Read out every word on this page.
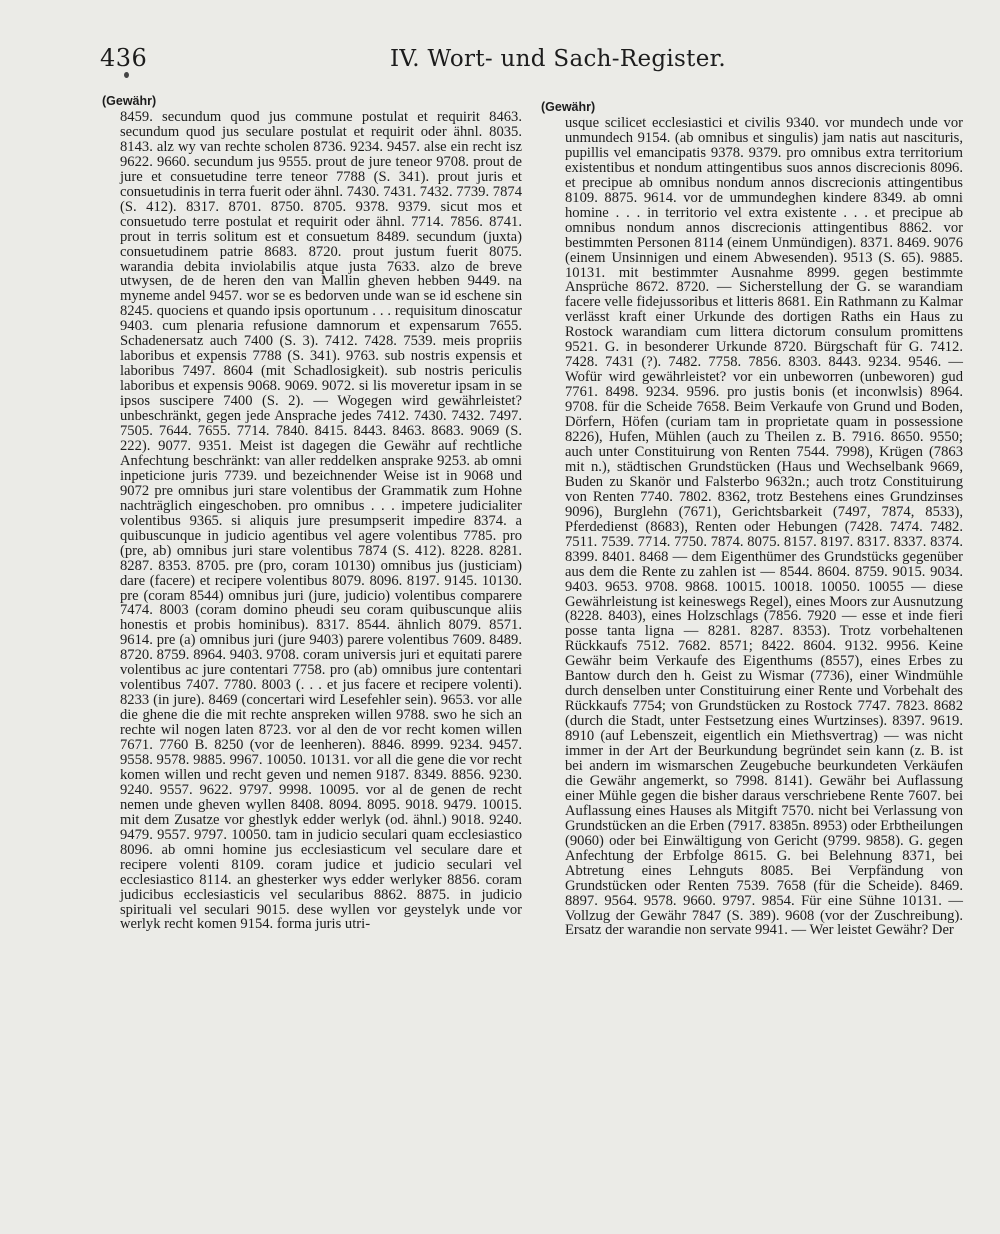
436	IV. Wort- und Sach-Register.
(Gewähr)

8459. secundum quod jus commune postulat et requirit 8463. secundum quod jus seculare postulat et requirit oder ähnl. 8035. 8143. alz wy van rechte scholen 8736. 9234. 9457. alse ein recht isz 9622. 9660. secundum jus 9555. prout de jure teneor 9708. prout de jure et consuetudine terre teneor 7788 (S. 341). prout juris et consuetudinis in terra fuerit oder ähnl. 7430. 7431. 7432. 7739. 7874 (S. 412). 8317. 8701. 8750. 8705. 9378. 9379. sicut mos et consuetudo terre postulat et requirit oder ähnl. 7714. 7856. 8741. prout in terris solitum est et consuetum 8489. secundum (juxta) consuetudinem patrie 8683. 8720. prout justum fuerit 8075. warandia debita inviolabilis atque justa 7633. alzo de breve utwysen, de de heren den van Mallin gheven hebben 9449. na myneme andel 9457. wor se es bedorven unde wan se id eschene sin 8245. quociens et quando ipsis oportunum . . . requisitum dinoscatur 9403. cum plenaria refusione damnorum et expensarum 7655. Schadenersatz auch 7400 (S. 3). 7412. 7428. 7539. meis propriis laboribus et expensis 7788 (S. 341). 9763. sub nostris expensis et laboribus 7497. 8604 (mit Schadlosigkeit). sub nostris periculis laboribus et expensis 9068. 9069. 9072. si lis moveretur ipsam in se ipsos suscipere 7400 (S. 2). — Wogegen wird gewährleistet? unbeschränkt, gegen jede Ansprache jedes 7412. 7430. 7432. 7497. 7505. 7644. 7655. 7714. 7840. 8415. 8443. 8463. 8683. 9069 (S. 222). 9077. 9351. Meist ist dagegen die Gewähr auf rechtliche Anfechtung beschränkt: van aller reddelken ansprake 9253. ab omni inpeticione juris 7739. und bezeichnender Weise ist in 9068 und 9072 pre omnibus juri stare volentibus der Grammatik zum Hohne nachträglich eingeschoben. pro omnibus . . . impetere judicialiter volentibus 9365. si aliquis jure presumpserit impedire 8374. a quibuscunque in judicio agentibus vel agere volentibus 7785. pro (pre, ab) omnibus juri stare volentibus 7874 (S. 412). 8228. 8281. 8287. 8353. 8705. pre (pro, coram 10130) omnibus jus (justiciam) dare (facere) et recipere volentibus 8079. 8096. 8197. 9145. 10130. pre (coram 8544) omnibus juri (jure, judicio) volentibus comparere 7474. 8003 (coram domino pheudi seu coram quibuscunque aliis honestis et probis hominibus). 8317. 8544. ähnlich 8079. 8571. 9614. pre (a) omnibus juri (jure 9403) parere volentibus 7609. 8489. 8720. 8759. 8964. 9403. 9708. coram universis juri et equitati parere volentibus ac jure contentari 7758. pro (ab) omnibus jure contentari volentibus 7407. 7780. 8003 (. . . et jus facere et recipere volenti). 8233 (in jure). 8469 (concertari wird Lesefehler sein). 9653. vor alle die ghene die die mit rechte anspreken willen 9788. swo he sich an rechte wil nogen laten 8723. vor al den de vor recht komen willen 7671. 7760 B. 8250 (vor de leenheren). 8846. 8999. 9234. 9457. 9558. 9578. 9885. 9967. 10050. 10131. vor all die gene die vor recht komen willen und recht geven und nemen 9187. 8349. 8856. 9230. 9240. 9557. 9622. 9797. 9998. 10095. vor al de genen de recht nemen unde gheven wyllen 8408. 8094. 8095. 9018. 9479. 10015. mit dem Zusatze vor ghestlyk edder werlyk (od. ähnl.) 9018. 9240. 9479. 9557. 9797. 10050. tam in judicio seculari quam ecclesiastico 8096. ab omni homine jus ecclesiasticum vel seculare dare et recipere volenti 8109. coram judice et judicio seculari vel ecclesiastico 8114. an ghesterker wys edder werlyker 8856. coram judicibus ecclesiasticis vel secularibus 8862. 8875. in judicio spirituali vel seculari 9015. dese wyllen vor geystelyk unde vor werlyk recht komen 9154. forma juris utri-

(Gewähr)

usque scilicet ecclesiastici et civilis 9340. vor mundech unde vor unmundech 9154. (ab omnibus et singulis) jam natis aut nascituris, pupillis vel emancipatis 9378. 9379. pro omnibus extra territorium existentibus et nondum attingentibus suos annos discrecionis 8096. et precipue ab omnibus nondum annos discrecionis attingentibus 8109. 8875. 9614. vor de ummundeghen kindere 8349. ab omni homine . . . in territorio vel extra existente . . . et precipue ab omnibus nondum annos discrecionis attingentibus 8862. vor bestimmten Personen 8114 (einem Unmündigen). 8371. 8469. 9076 (einem Unsinnigen und einem Abwesenden). 9513 (S. 65). 9885. 10131. mit bestimmter Ausnahme 8999. gegen bestimmte Ansprüche 8672. 8720. — Sicherstellung der G. se warandiam facere velle fidejussoribus et litteris 8681. Ein Rathmann zu Kalmar verlässt kraft einer Urkunde des dortigen Raths ein Haus zu Rostock warandiam cum littera dictorum consulum promittens 9521. G. in besonderer Urkunde 8720. Bürgschaft für G. 7412. 7428. 7431 (?). 7482. 7758. 7856. 8303. 8443. 9234. 9546. — Wofür wird gewährleistet? vor ein unbeworren (unbeworen) gud 7761. 8498. 9234. 9596. pro justis bonis (et inconwlsis) 8964. 9708. für die Scheide 7658. Beim Verkaufe von Grund und Boden, Dörfern, Höfen (curiam tam in proprietate quam in possessione 8226), Hufen, Mühlen (auch zu Theilen z. B. 7916. 8650. 9550; auch unter Constituirung von Renten 7544. 7998), Krügen (7863 mit n.), städtischen Grundstücken (Haus und Wechselbank 9669, Buden zu Skanör und Falsterbo 9632n.; auch trotz Constituirung von Renten 7740. 7802. 8362, trotz Bestehens eines Grundzinses 9096), Burglehn (7671), Gerichtsbarkeit (7497, 7874, 8533), Pferdedienst (8683), Renten oder Hebungen (7428. 7474. 7482. 7511. 7539. 7714. 7750. 7874. 8075. 8157. 8197. 8317. 8337. 8374. 8399. 8401. 8468 — dem Eigenthümer des Grundstücks gegenüber aus dem die Rente zu zahlen ist — 8544. 8604. 8759. 9015. 9034. 9403. 9653. 9708. 9868. 10015. 10018. 10050. 10055 — diese Gewährleistung ist keineswegs Regel), eines Moors zur Ausnutzung (8228. 8403), eines Holzschlags (7856. 7920 — esse et inde fieri posse tanta ligna — 8281. 8287. 8353). Trotz vorbehaltenen Rückkaufs 7512. 7682. 8571; 8422. 8604. 9132. 9956. Keine Gewähr beim Verkaufe des Eigenthums (8557), eines Erbes zu Bantow durch den h. Geist zu Wismar (7736), einer Windmühle durch denselben unter Constituirung einer Rente und Vorbehalt des Rückkaufs 7754; von Grundstücken zu Rostock 7747. 7823. 8682 (durch die Stadt, unter Festsetzung eines Wurtzinses). 8397. 9619. 8910 (auf Lebenszeit, eigentlich ein Miethsvertrag) — was nicht immer in der Art der Beurkundung begründet sein kann (z. B. ist bei andern im wismarschen Zeugebuche beurkundeten Verkäufen die Gewähr angemerkt, so 7998. 8141). Gewähr bei Auflassung einer Mühle gegen die bisher daraus verschriebene Rente 7607. bei Auflassung eines Hauses als Mitgift 7570. nicht bei Verlassung von Grundstücken an die Erben (7917. 8385n. 8953) oder Erbtheilungen (9060) oder bei Einwältigung von Gericht (9799. 9858). G. gegen Anfechtung der Erbfolge 8615. G. bei Belehnung 8371, bei Abtretung eines Lehnguts 8085. Bei Verpfändung von Grundstücken oder Renten 7539. 7658 (für die Scheide). 8469. 8897. 9564. 9578. 9660. 9797. 9854. Für eine Sühne 10131. — Vollzug der Gewähr 7847 (S. 389). 9608 (vor der Zuschreibung). Ersatz der warandie non servate 9941. — Wer leistet Gewähr? Der
